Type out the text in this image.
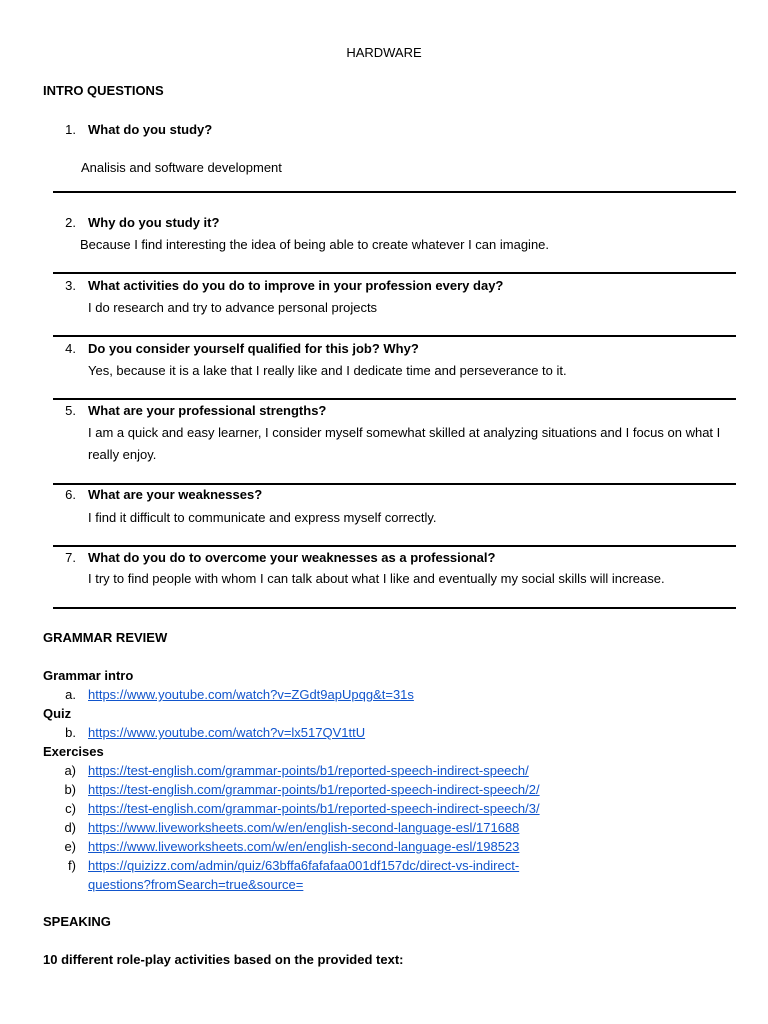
HARDWARE
INTRO QUESTIONS
1. What do you study?
Analisis and software development
2. Why do you study it?
Because I find interesting the idea of being able to create whatever I can imagine.
3. What activities do you do to improve in your profession every day?
I do research and try to advance personal projects
4. Do you consider yourself qualified for this job? Why?
Yes, because it is a lake that I really like and I dedicate time and perseverance to it.
5. What are your professional strengths?
I am a quick and easy learner, I consider myself somewhat skilled at analyzing situations and I focus on what I really enjoy.
6. What are your weaknesses?
I find it difficult to communicate and express myself correctly.
7. What do you do to overcome your weaknesses as a professional?
I try to find people with whom I can talk about what I like and eventually my social skills will increase.
GRAMMAR REVIEW
Grammar intro
a. https://www.youtube.com/watch?v=ZGdt9apUpqg&t=31s
Quiz
b. https://www.youtube.com/watch?v=lx517QV1ttU
Exercises
a) https://test-english.com/grammar-points/b1/reported-speech-indirect-speech/
b) https://test-english.com/grammar-points/b1/reported-speech-indirect-speech/2/
c) https://test-english.com/grammar-points/b1/reported-speech-indirect-speech/3/
d) https://www.liveworksheets.com/w/en/english-second-language-esl/171688
e) https://www.liveworksheets.com/w/en/english-second-language-esl/198523
f) https://quizizz.com/admin/quiz/63bffa6fafafaa001df157dc/direct-vs-indirect-
questions?fromSearch=true&source=
SPEAKING
10 different role-play activities based on the provided text:
